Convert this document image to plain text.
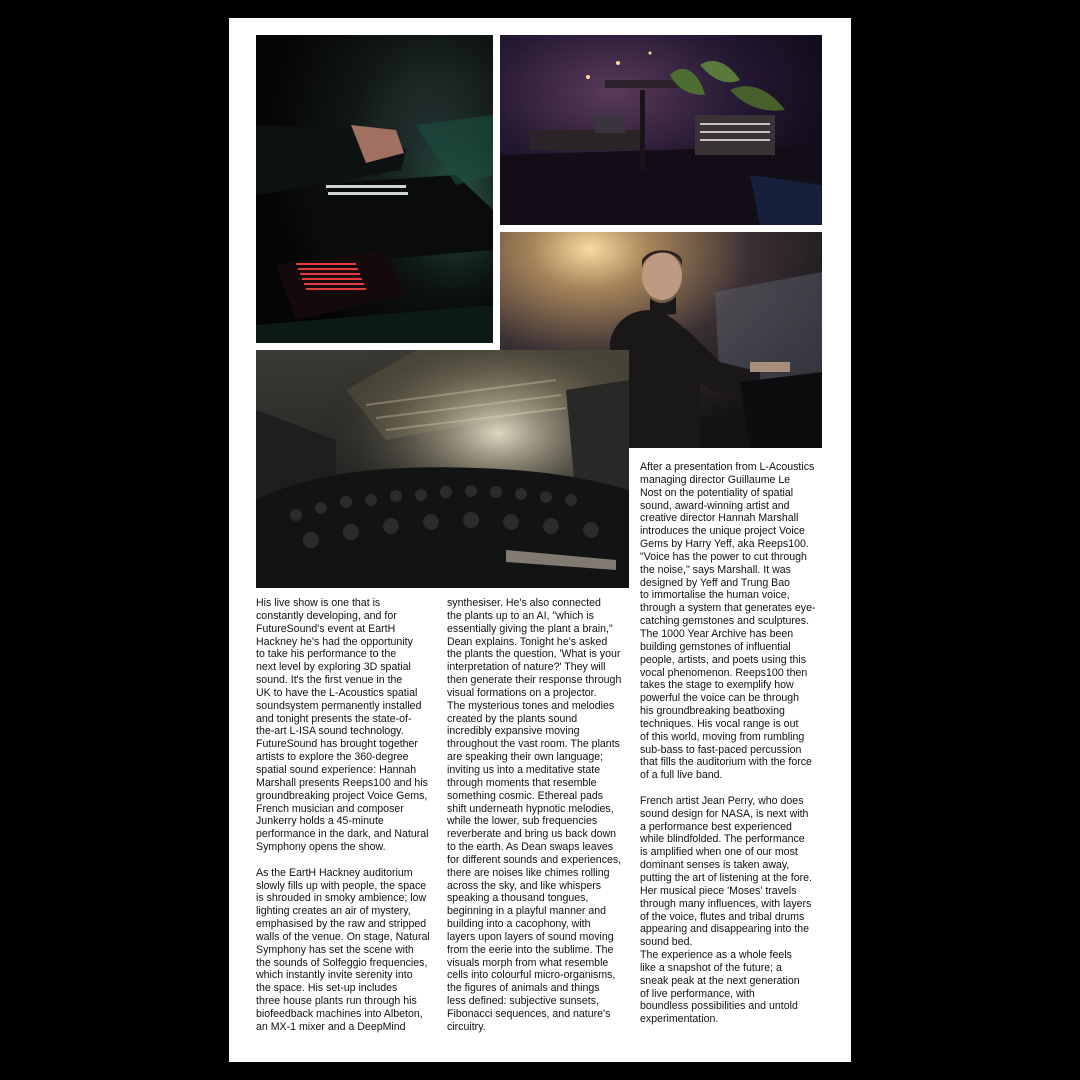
His live show is one that is
constantly developing, and for
FutureSound's event at EartH
Hackney he's had the opportunity
to take his performance to the
next level by exploring 3D spatial
sound. It's the first venue in the
UK to have the L-Acoustics spatial
soundsystem permanently installed
and tonight presents the state-of-
the-art L-ISA sound technology.
FutureSound has brought together
artists to explore the 360-degree
spatial sound experience: Hannah
Marshall presents Reeps100 and his
groundbreaking project Voice Gems,
French musician and composer
Junkerry holds a 45-minute
performance in the dark, and Natural
Symphony opens the show.

As the EartH Hackney auditorium
slowly fills up with people, the space
is shrouded in smoky ambience; low
lighting creates an air of mystery,
emphasised by the raw and stripped
walls of the venue. On stage, Natural
Symphony has set the scene with
the sounds of Solfeggio frequencies,
which instantly invite serenity into
the space. His set-up includes
three house plants run through his
biofeedback machines into Albeton,
an MX-1 mixer and a DeepMind

synthesiser. He's also connected
the plants up to an AI, "which is
essentially giving the plant a brain,"
Dean explains. Tonight he's asked
the plants the question, 'What is your
interpretation of nature?' They will
then generate their response through
visual formations on a projector.
The mysterious tones and melodies
created by the plants sound
incredibly expansive moving
throughout the vast room. The plants
are speaking their own language;
inviting us into a meditative state
through moments that resemble
something cosmic. Ethereal pads
shift underneath hypnotic melodies,
while the lower, sub frequencies
reverberate and bring us back down
to the earth. As Dean swaps leaves
for different sounds and experiences,
there are noises like chimes rolling
across the sky, and like whispers
speaking a thousand tongues,
beginning in a playful manner and
building into a cacophony, with
layers upon layers of sound moving
from the eerie into the sublime. The
visuals morph from what resemble
cells into colourful micro-organisms,
the figures of animals and things
less defined: subjective sunsets,
Fibonacci sequences, and nature's
circuitry.

After a presentation from L-Acoustics
managing director Guillaume Le
Nost on the potentiality of spatial
sound, award-winning artist and
creative director Hannah Marshall
introduces the unique project Voice
Gems by Harry Yeff, aka Reeps100.
"Voice has the power to cut through
the noise," says Marshall. It was
designed by Yeff and Trung Bao
to immortalise the human voice,
through a system that generates eye-
catching gemstones and sculptures.
The 1000 Year Archive has been
building gemstones of influential
people, artists, and poets using this
vocal phenomenon. Reeps100 then
takes the stage to exemplify how
powerful the voice can be through
his groundbreaking beatboxing
techniques. His vocal range is out
of this world, moving from rumbling
sub-bass to fast-paced percussion
that fills the auditorium with the force
of a full live band.

French artist Jean Perry, who does
sound design for NASA, is next with
a performance best experienced
while blindfolded. The performance
is amplified when one of our most
dominant senses is taken away,
putting the art of listening at the fore.
Her musical piece 'Moses' travels
through many influences, with layers
of the voice, flutes and tribal drums
appearing and disappearing into the
sound bed.

The experience as a whole feels
like a snapshot of the future; a
sneak peak at the next generation
of live performance, with
boundless possibilities and untold
experimentation.
